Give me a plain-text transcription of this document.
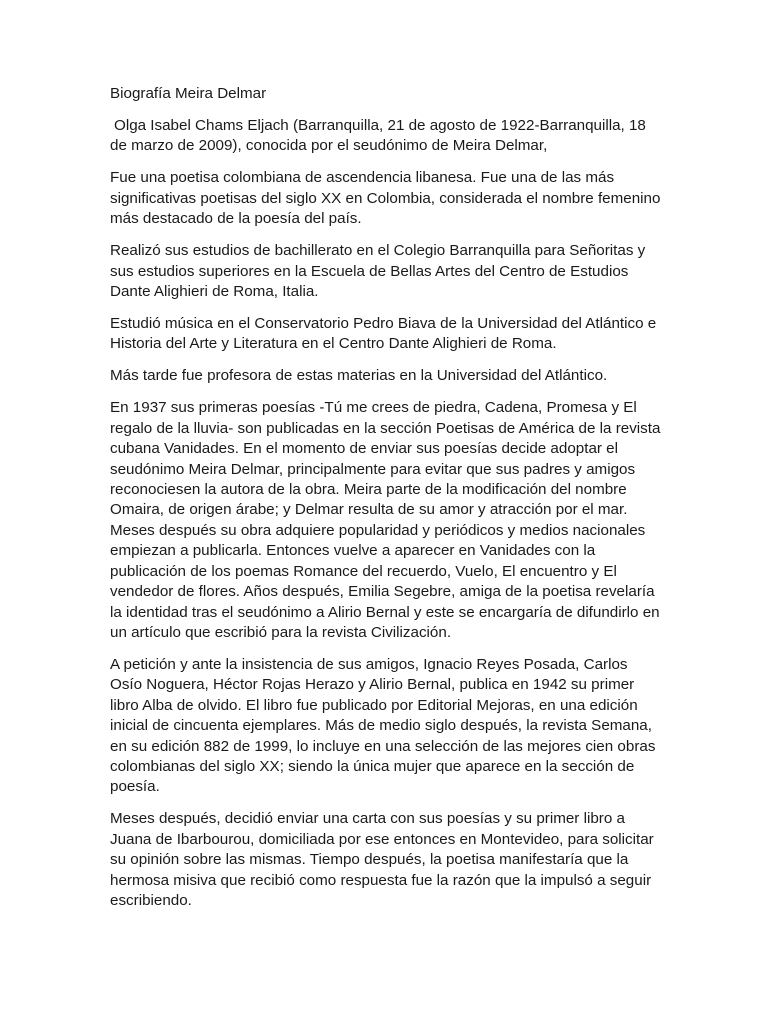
Biografía Meira Delmar

Olga Isabel Chams Eljach (Barranquilla, 21 de agosto de 1922-Barranquilla, 18 de marzo de 2009), conocida por el seudónimo de Meira Delmar,

Fue una poetisa colombiana de ascendencia libanesa. Fue una de las más significativas poetisas del siglo XX en Colombia, considerada el nombre femenino más destacado de la poesía del país.

Realizó sus estudios de bachillerato en el Colegio Barranquilla para Señoritas y sus estudios superiores en la Escuela de Bellas Artes del Centro de Estudios Dante Alighieri de Roma, Italia.

Estudió música en el Conservatorio Pedro Biava de la Universidad del Atlántico e Historia del Arte y Literatura en el Centro Dante Alighieri de Roma.

Más tarde fue profesora de estas materias en la Universidad del Atlántico.

En 1937 sus primeras poesías -Tú me crees de piedra, Cadena, Promesa y El regalo de la lluvia- son publicadas en la sección Poetisas de América de la revista cubana Vanidades. En el momento de enviar sus poesías decide adoptar el seudónimo Meira Delmar, principalmente para evitar que sus padres y amigos reconociesen la autora de la obra. Meira parte de la modificación del nombre Omaira, de origen árabe; y Delmar resulta de su amor y atracción por el mar. Meses después su obra adquiere popularidad y periódicos y medios nacionales empiezan a publicarla. Entonces vuelve a aparecer en Vanidades con la publicación de los poemas Romance del recuerdo, Vuelo, El encuentro y El vendedor de flores. Años después, Emilia Segebre, amiga de la poetisa revelaría la identidad tras el seudónimo a Alirio Bernal y este se encargaría de difundirlo en un artículo que escribió para la revista Civilización.

A petición y ante la insistencia de sus amigos, Ignacio Reyes Posada, Carlos Osío Noguera, Héctor Rojas Herazo y Alirio Bernal, publica en 1942 su primer libro Alba de olvido. El libro fue publicado por Editorial Mejoras, en una edición inicial de cincuenta ejemplares. Más de medio siglo después, la revista Semana, en su edición 882 de 1999, lo incluye en una selección de las mejores cien obras colombianas del siglo XX; siendo la única mujer que aparece en la sección de poesía.

Meses después, decidió enviar una carta con sus poesías y su primer libro a Juana de Ibarbourou, domiciliada por ese entonces en Montevideo, para solicitar su opinión sobre las mismas. Tiempo después, la poetisa manifestaría que la hermosa misiva que recibió como respuesta fue la razón que la impulsó a seguir escribiendo.
